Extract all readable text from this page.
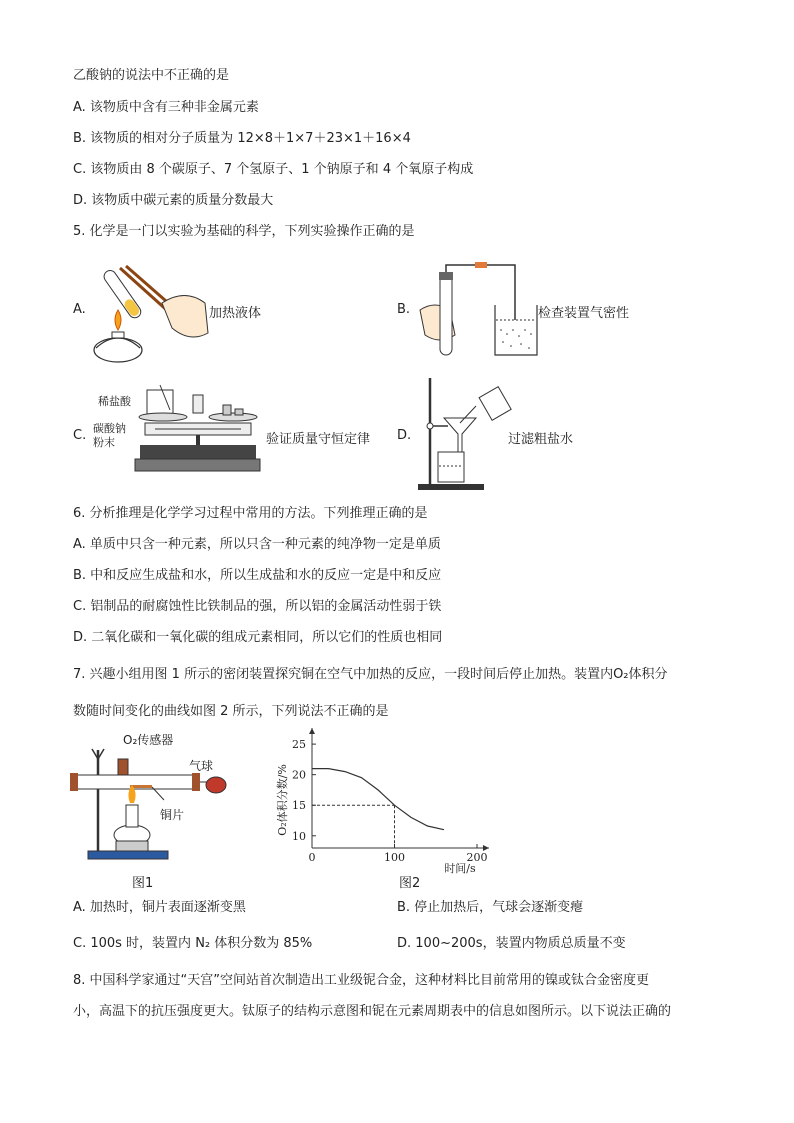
乙酸钠的说法中不正确的是
A. 该物质中含有三种非金属元素
B. 该物质的相对分子质量为 12×8＋1×7＋23×1＋16×4
C. 该物质由 8 个碳原子、7 个氢原子、1 个钠原子和 4 个氧原子构成
D. 该物质中碳元素的质量分数最大
5. 化学是一门以实验为基础的科学，下列实验操作正确的是
A.	加热液体	B.	检查装置气密性
C.
稀盐酸
碳酸钠
粉末	验证质量守恒定律 D.	过滤粗盐水
6. 分析推理是化学学习过程中常用的方法。下列推理正确的是
A. 单质中只含一种元素，所以只含一种元素的纯净物一定是单质
B. 中和反应生成盐和水，所以生成盐和水的反应一定是中和反应
C. 铝制品的耐腐蚀性比铁制品的强，所以铝的金属活动性弱于铁
D. 二氧化碳和一氧化碳的组成元素相同，所以它们的性质也相同
7. 兴趣小组用图 1 所示的密闭装置探究铜在空气中加热的反应，一段时间后停止加热。装置内O₂体积分
数随时间变化的曲线如图 2 所示，下列说法不正确的是
O₂传感器
气球
铜片
图1
10
15
20
25
0	100	200
O₂体积分数/%
时间/s
图2
A. 加热时，铜片表面逐渐变黑	B. 停止加热后，气球会逐渐变瘪
C. 100s 时，装置内 N₂ 体积分数为 85%	D. 100~200s，装置内物质总质量不变
8. 中国科学家通过“天宫”空间站首次制造出工业级铌合金，这种材料比目前常用的镍或钛合金密度更
小，高温下的抗压强度更大。钛原子的结构示意图和铌在元素周期表中的信息如图所示。以下说法正确的
